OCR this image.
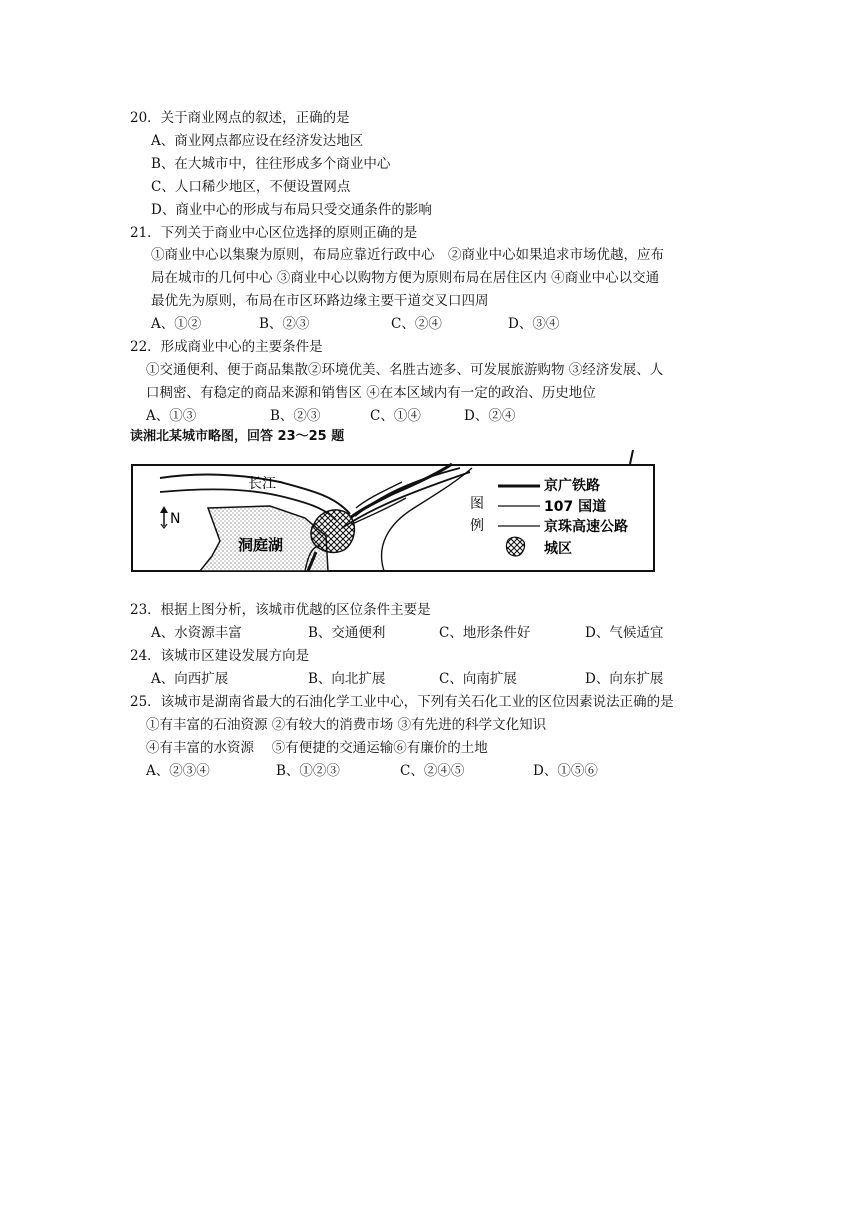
20．关于商业网点的叙述，正确的是
A、商业网点都应设在经济发达地区
B、在大城市中，往往形成多个商业中心
C、人口稀少地区，不便设置网点
D、商业中心的形成与布局只受交通条件的影响
21．下列关于商业中心区位选择的原则正确的是
①商业中心以集聚为原则，布局应靠近行政中心　②商业中心如果追求市场优越，应布
局在城市的几何中心 ③商业中心以购物方便为原则布局在居住区内 ④商业中心以交通
最优先为原则，布局在市区环路边缘主要干道交叉口四周
A、①②	B、②③	C、②④	D、③④
22．形成商业中心的主要条件是
①交通便利、便于商品集散②环境优美、名胜古迹多、可发展旅游购物 ③经济发展、人
口稠密、有稳定的商品来源和销售区 ④在本区域内有一定的政治、历史地位
A、①③	B、②③	C、①④	D、②④
读湘北某城市略图，回答 23～25 题
N
长江
洞庭湖
图
例
京广铁路
107 国道
京珠高速公路
城区
23．根据上图分析，该城市优越的区位条件主要是
A、水资源丰富	B、交通便利	C、地形条件好	D、气候适宜
24．该城市区建设发展方向是
A、向西扩展	B、向北扩展	C、向南扩展	D、向东扩展
25．该城市是湖南省最大的石油化学工业中心，下列有关石化工业的区位因素说法正确的是
①有丰富的石油资源 ②有较大的消费市场 ③有先进的科学文化知识
④有丰富的水资源　 ⑤有便捷的交通运输⑥有廉价的土地
A、②③④	B、①②③	C、②④⑤	D、①⑤⑥
